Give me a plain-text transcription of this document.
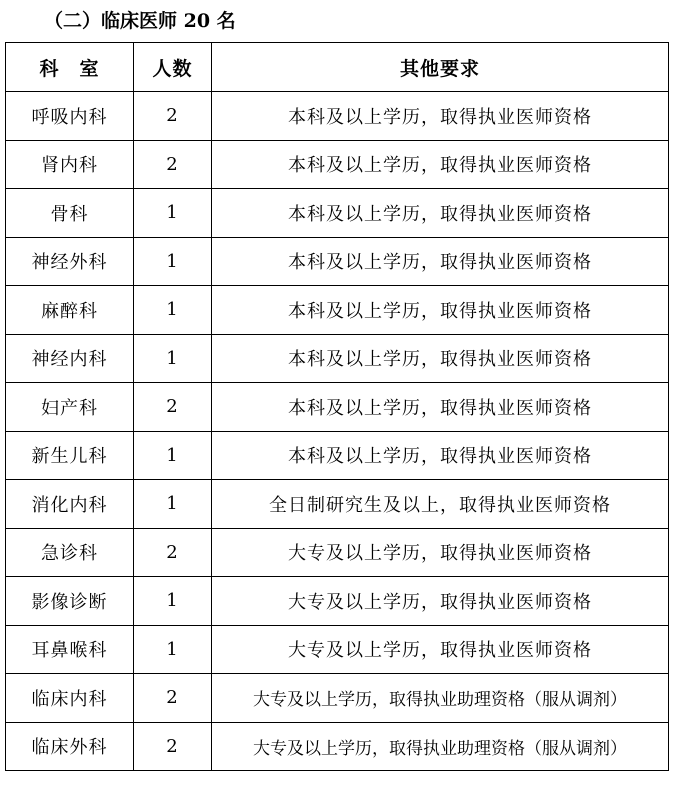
（二）临床医师 20 名
科　室	人数	其他要求
呼吸内科	2	本科及以上学历，取得执业医师资格
肾内科	2	本科及以上学历，取得执业医师资格
骨科	1	本科及以上学历，取得执业医师资格
神经外科	1	本科及以上学历，取得执业医师资格
麻醉科	1	本科及以上学历，取得执业医师资格
神经内科	1	本科及以上学历，取得执业医师资格
妇产科	2	本科及以上学历，取得执业医师资格
新生儿科	1	本科及以上学历，取得执业医师资格
消化内科	1	全日制研究生及以上，取得执业医师资格
急诊科	2	大专及以上学历，取得执业医师资格
影像诊断	1	大专及以上学历，取得执业医师资格
耳鼻喉科	1	大专及以上学历，取得执业医师资格
临床内科	2	大专及以上学历，取得执业助理资格（服从调剂）
临床外科	2	大专及以上学历，取得执业助理资格（服从调剂）
